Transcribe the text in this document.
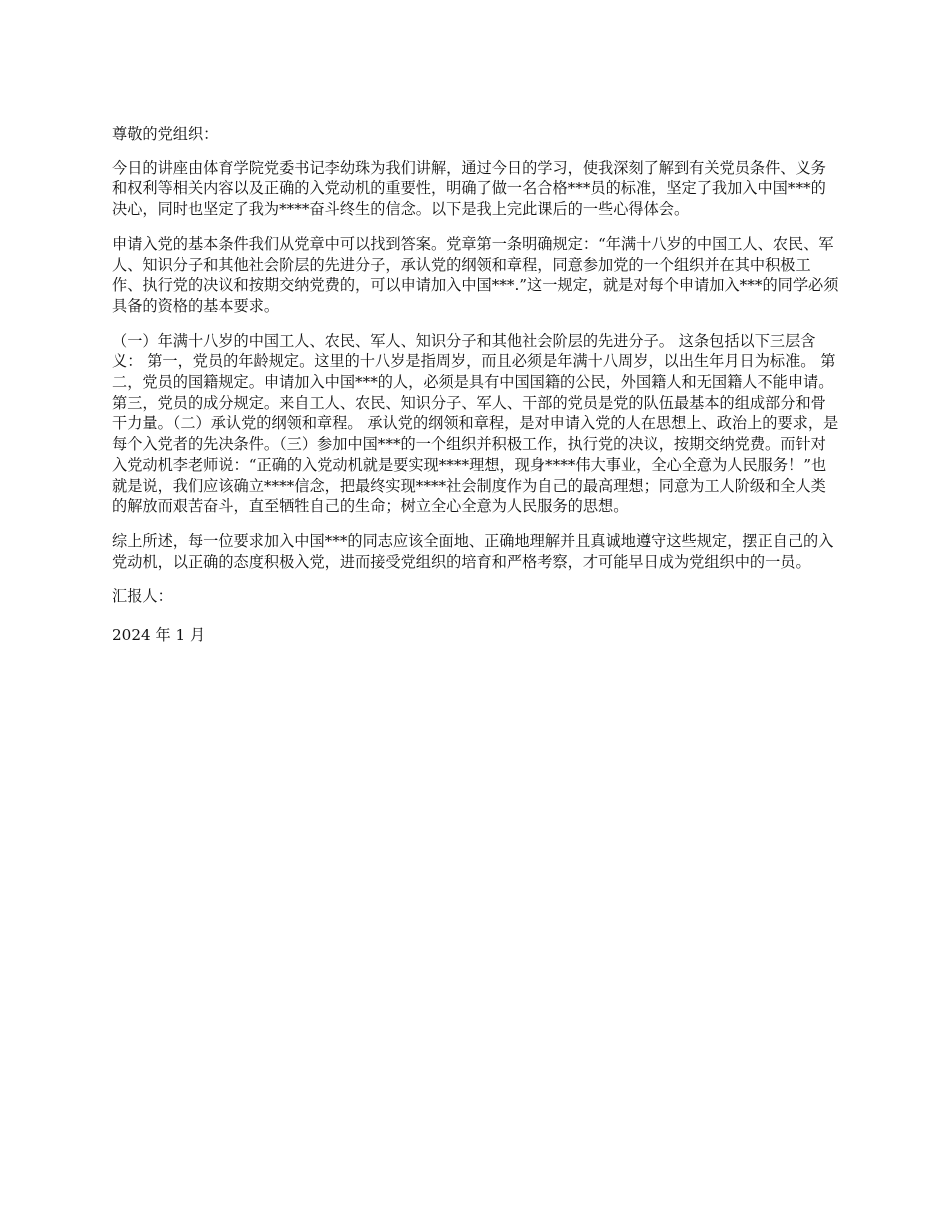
尊敬的党组织：

今日的讲座由体育学院党委书记李幼珠为我们讲解，通过今日的学习，使我深刻了解到有关党员条件、义务和权利等相关内容以及正确的入党动机的重要性，明确了做一名合格***员的标准，坚定了我加入中国***的决心，同时也坚定了我为****奋斗终生的信念。以下是我上完此课后的一些心得体会。

申请入党的基本条件我们从党章中可以找到答案。党章第一条明确规定：“年满十八岁的中国工人、农民、军人、知识分子和其他社会阶层的先进分子，承认党的纲领和章程，同意参加党的一个组织并在其中积极工作、执行党的决议和按期交纳党费的，可以申请加入中国***.”这一规定，就是对每个申请加入***的同学必须具备的资格的基本要求。

（一）年满十八岁的中国工人、农民、军人、知识分子和其他社会阶层的先进分子。 这条包括以下三层含义： 第一，党员的年龄规定。这里的十八岁是指周岁，而且必须是年满十八周岁，以出生年月日为标准。 第二，党员的国籍规定。申请加入中国***的人，必须是具有中国国籍的公民，外国籍人和无国籍人不能申请。第三，党员的成分规定。来自工人、农民、知识分子、军人、干部的党员是党的队伍最基本的组成部分和骨干力量。（二）承认党的纲领和章程。 承认党的纲领和章程，是对申请入党的人在思想上、政治上的要求，是每个入党者的先决条件。（三）参加中国***的一个组织并积极工作，执行党的决议，按期交纳党费。而针对入党动机李老师说：“正确的入党动机就是要实现****理想，现身****伟大事业，全心全意为人民服务！”也就是说，我们应该确立****信念，把最终实现****社会制度作为自己的最高理想；同意为工人阶级和全人类的解放而艰苦奋斗，直至牺牲自己的生命；树立全心全意为人民服务的思想。

综上所述，每一位要求加入中国***的同志应该全面地、正确地理解并且真诚地遵守这些规定，摆正自己的入党动机，以正确的态度积极入党，进而接受党组织的培育和严格考察，才可能早日成为党组织中的一员。

汇报人：

2024 年 1 月
